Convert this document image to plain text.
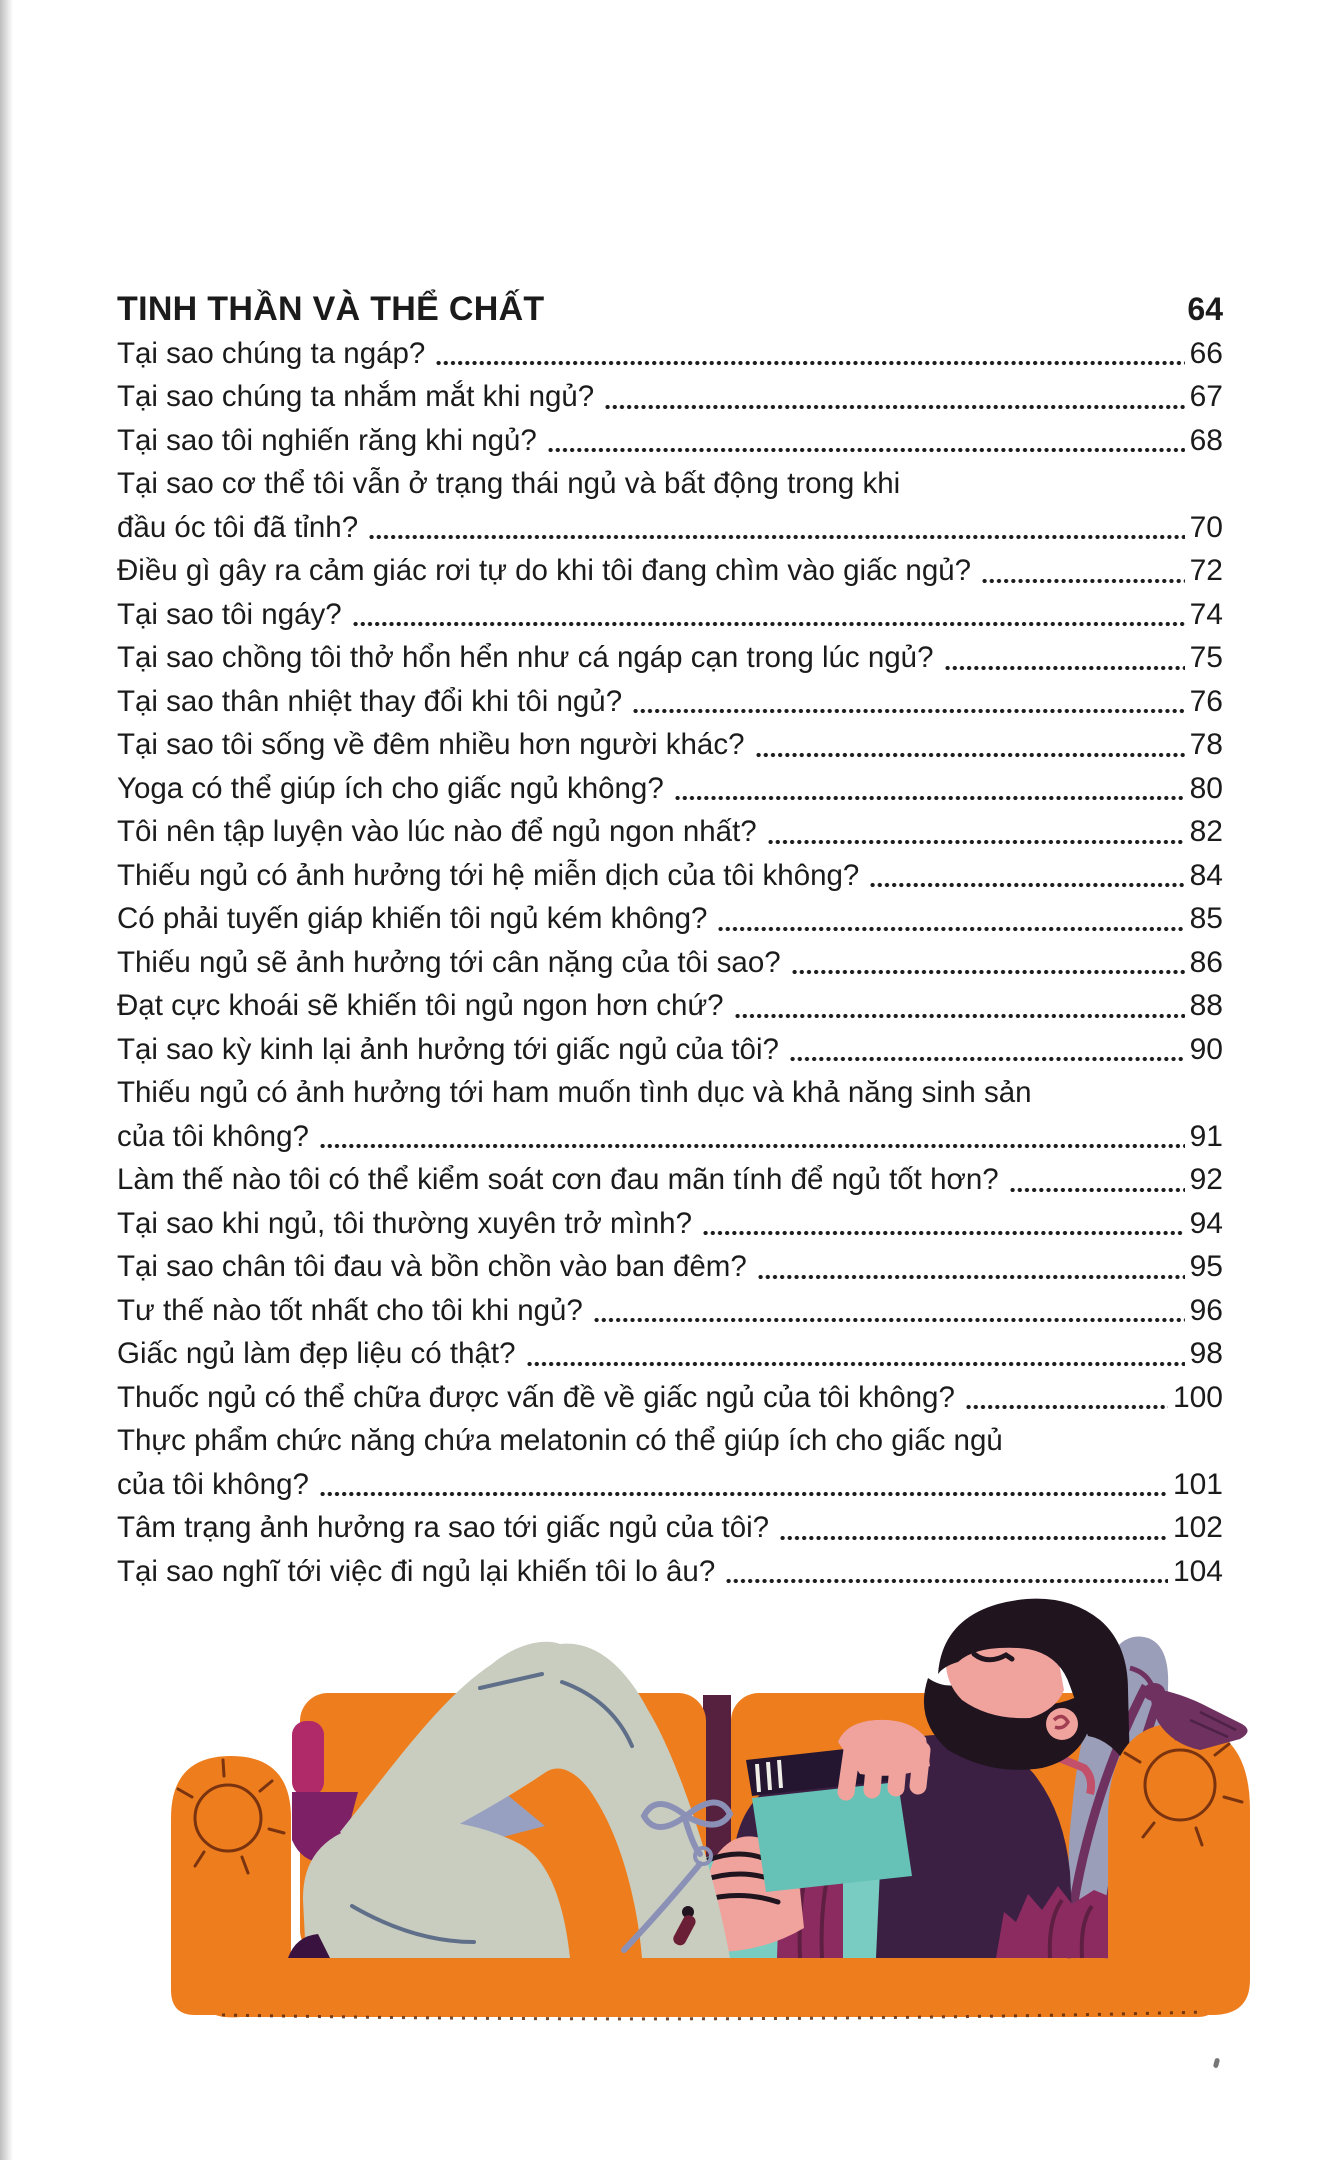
TINH THẦN VÀ THỂ CHẤT	64
Tại sao chúng ta ngáp?	66
Tại sao chúng ta nhắm mắt khi ngủ?	67
Tại sao tôi nghiến răng khi ngủ?	68
Tại sao cơ thể tôi vẫn ở trạng thái ngủ và bất động trong khi
đầu óc tôi đã tỉnh?	70
Điều gì gây ra cảm giác rơi tự do khi tôi đang chìm vào giấc ngủ?	72
Tại sao tôi ngáy?	74
Tại sao chồng tôi thở hổn hển như cá ngáp cạn trong lúc ngủ?	75
Tại sao thân nhiệt thay đổi khi tôi ngủ?	76
Tại sao tôi sống về đêm nhiều hơn người khác?	78
Yoga có thể giúp ích cho giấc ngủ không?	80
Tôi nên tập luyện vào lúc nào để ngủ ngon nhất?	82
Thiếu ngủ có ảnh hưởng tới hệ miễn dịch của tôi không?	84
Có phải tuyến giáp khiến tôi ngủ kém không?	85
Thiếu ngủ sẽ ảnh hưởng tới cân nặng của tôi sao?	86
Đạt cực khoái sẽ khiến tôi ngủ ngon hơn chứ?	88
Tại sao kỳ kinh lại ảnh hưởng tới giấc ngủ của tôi?	90
Thiếu ngủ có ảnh hưởng tới ham muốn tình dục và khả năng sinh sản
của tôi không?	91
Làm thế nào tôi có thể kiểm soát cơn đau mãn tính để ngủ tốt hơn?	92
Tại sao khi ngủ, tôi thường xuyên trở mình?	94
Tại sao chân tôi đau và bồn chồn vào ban đêm?	95
Tư thế nào tốt nhất cho tôi khi ngủ?	96
Giấc ngủ làm đẹp liệu có thật?	98
Thuốc ngủ có thể chữa được vấn đề về giấc ngủ của tôi không?	100
Thực phẩm chức năng chứa melatonin có thể giúp ích cho giấc ngủ
của tôi không?	101
Tâm trạng ảnh hưởng ra sao tới giấc ngủ của tôi?	102
Tại sao nghĩ tới việc đi ngủ lại khiến tôi lo âu?	104
